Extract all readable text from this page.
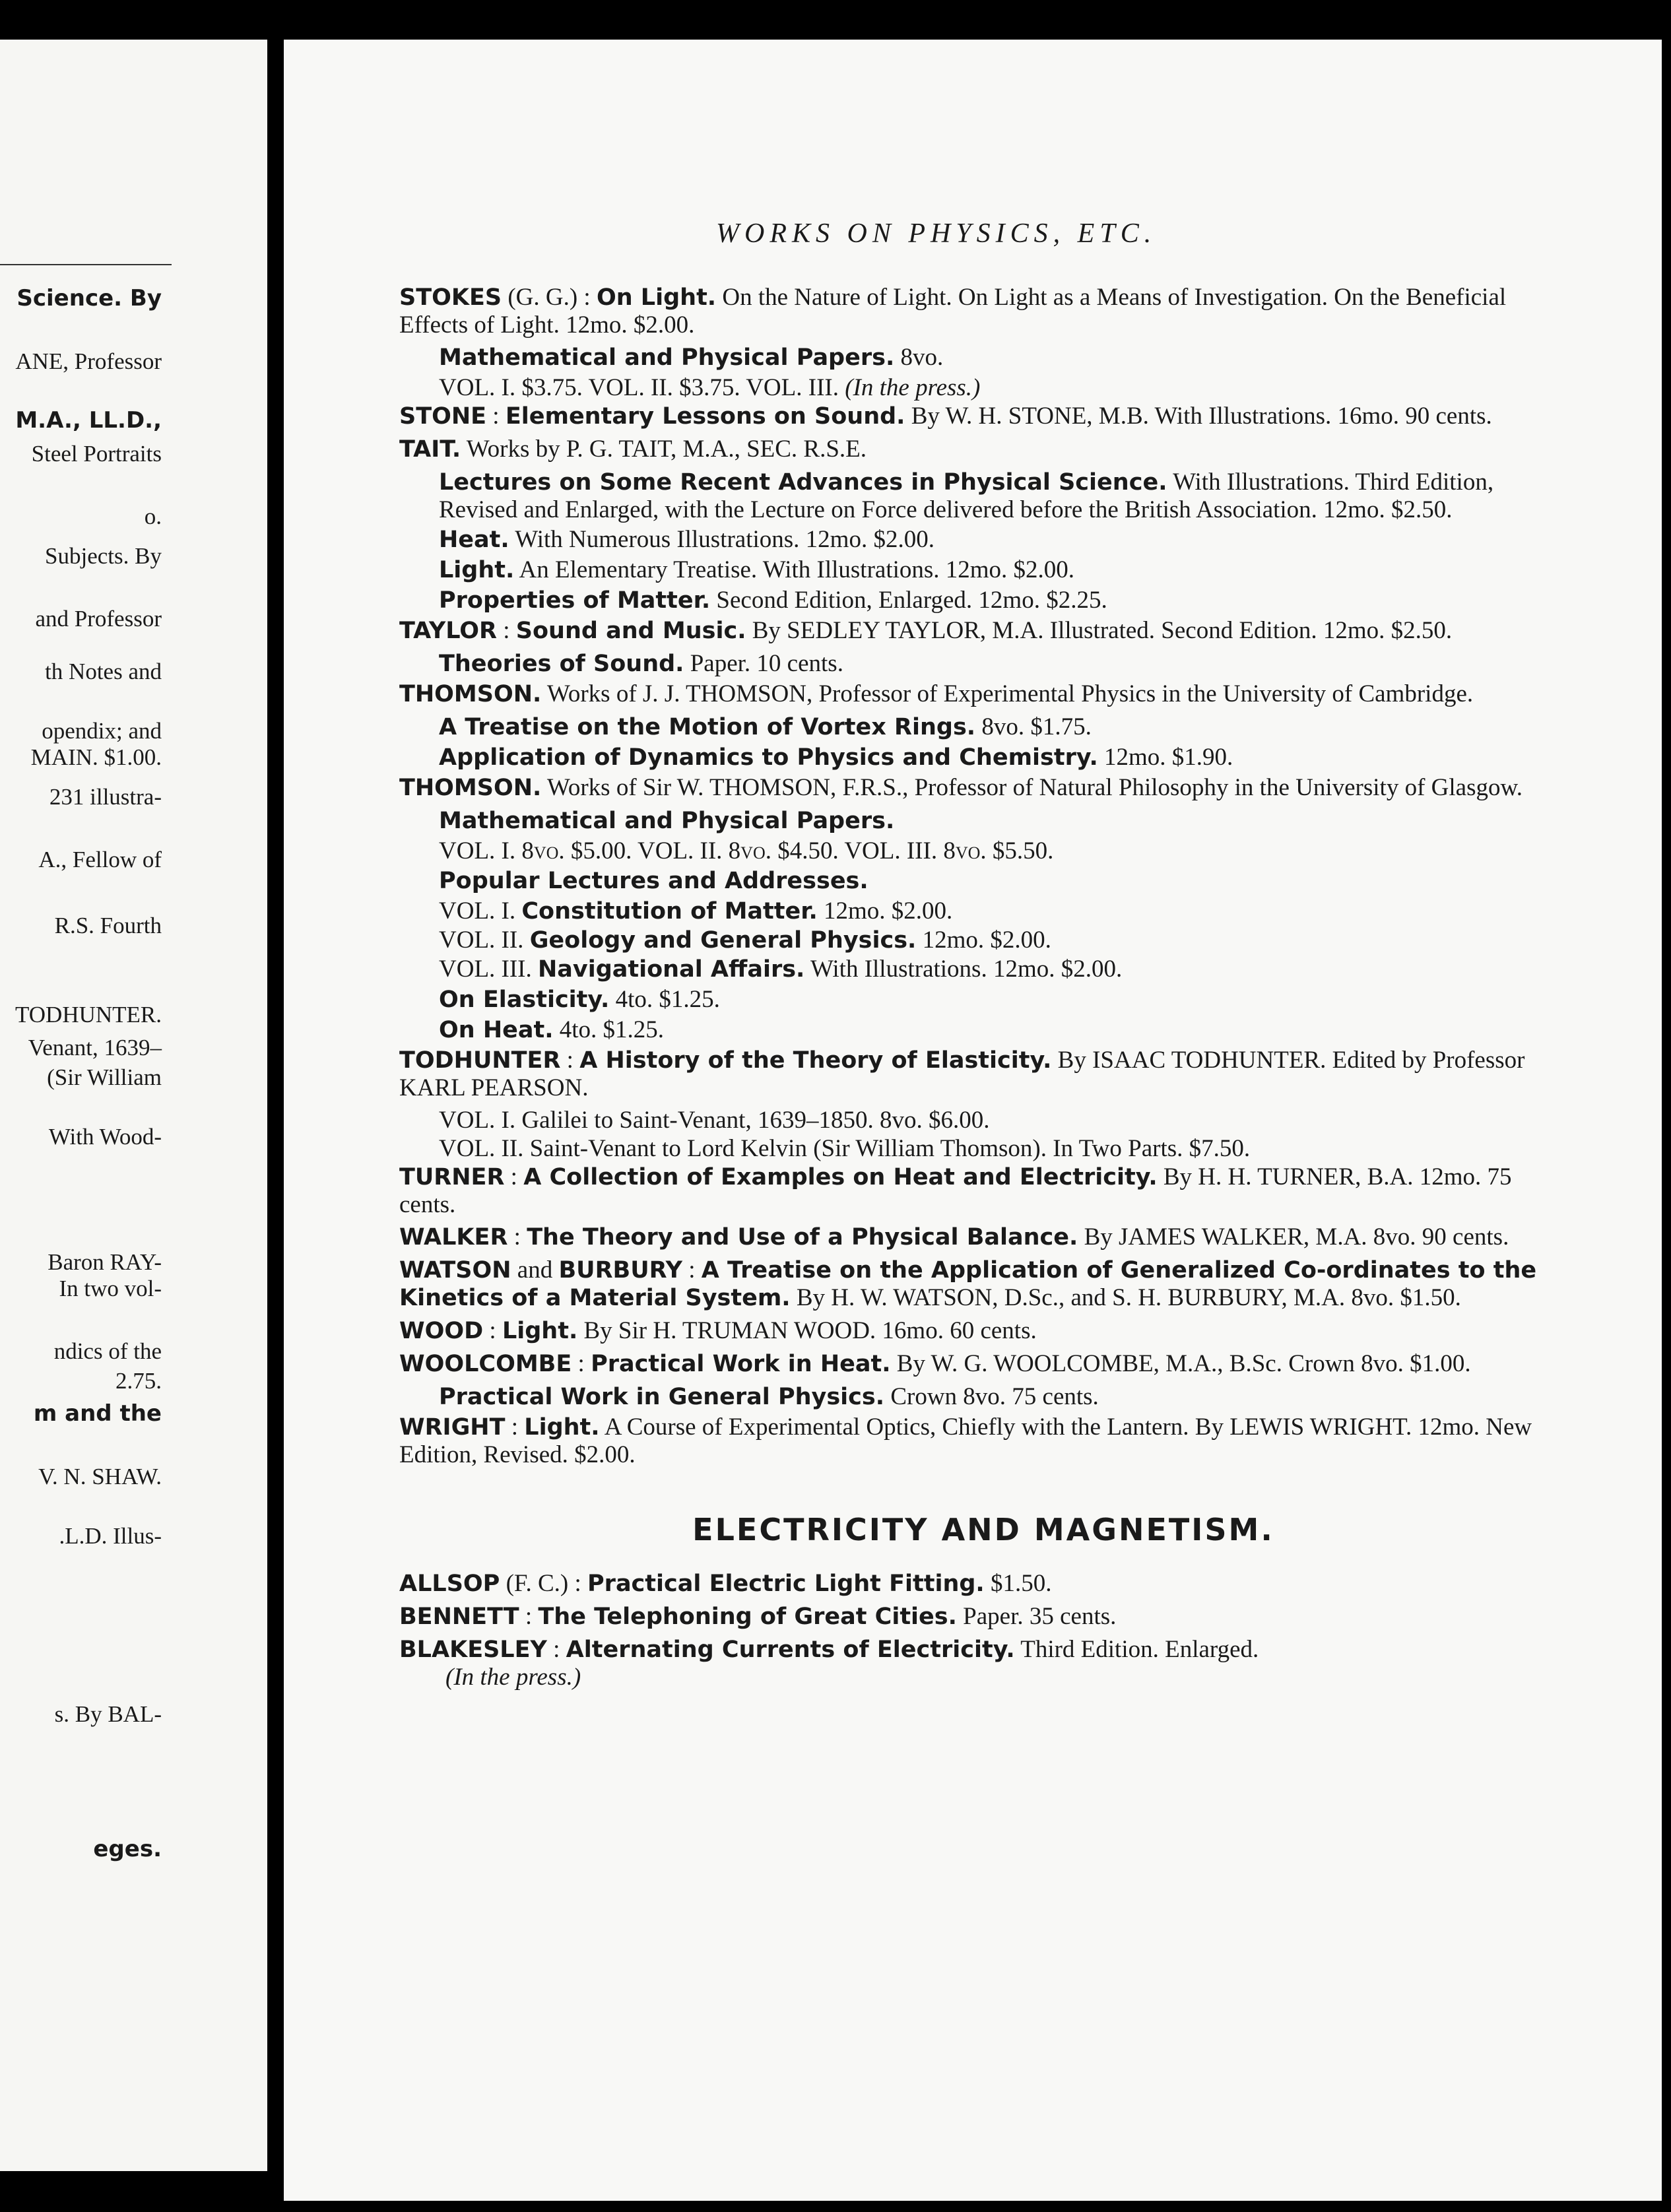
Science. By
ANE, Professor
M.A., LL.D.,
Steel Portraits
o.
Subjects. By
and Professor
th Notes and
opendix; and
MAIN. $1.00.
231 illustra-
A., Fellow of
R.S. Fourth
TODHUNTER.
Venant, 1639–
(Sir William
With Wood-
Baron RAY-
In two vol-
ndics of the
2.75.
m and the
V. N. SHAW.
.L.D. Illus-
s. By BAL-
eges.
WORKS ON PHYSICS, ETC.
STOKES (G. G.) : On Light. On the Nature of Light. On Light as a Means of Investigation. On the Beneficial Effects of Light. 12mo. $2.00.
Mathematical and Physical Papers. 8vo.
VOL. I. $3.75. VOL. II. $3.75. VOL. III. (In the press.)
STONE : Elementary Lessons on Sound. By W. H. STONE, M.B. With Illustrations. 16mo. 90 cents.
TAIT. Works by P. G. TAIT, M.A., SEC. R.S.E.
Lectures on Some Recent Advances in Physical Science. With Illustrations. Third Edition, Revised and Enlarged, with the Lecture on Force delivered before the British Association. 12mo. $2.50.
Heat. With Numerous Illustrations. 12mo. $2.00.
Light. An Elementary Treatise. With Illustrations. 12mo. $2.00.
Properties of Matter. Second Edition, Enlarged. 12mo. $2.25.
TAYLOR : Sound and Music. By SEDLEY TAYLOR, M.A. Illustrated. Second Edition. 12mo. $2.50.
Theories of Sound. Paper. 10 cents.
THOMSON. Works of J. J. THOMSON, Professor of Experimental Physics in the University of Cambridge.
A Treatise on the Motion of Vortex Rings. 8vo. $1.75.
Application of Dynamics to Physics and Chemistry. 12mo. $1.90.
THOMSON. Works of Sir W. THOMSON, F.R.S., Professor of Natural Philosophy in the University of Glasgow.
Mathematical and Physical Papers.
VOL. I. 8vo. $5.00. VOL. II. 8vo. $4.50. VOL. III. 8vo. $5.50.
Popular Lectures and Addresses.
VOL. I. Constitution of Matter. 12mo. $2.00.
VOL. II. Geology and General Physics. 12mo. $2.00.
VOL. III. Navigational Affairs. With Illustrations. 12mo. $2.00.
On Elasticity. 4to. $1.25.
On Heat. 4to. $1.25.
TODHUNTER : A History of the Theory of Elasticity. By ISAAC TODHUNTER. Edited by Professor KARL PEARSON.
VOL. I. Galilei to Saint-Venant, 1639–1850. 8vo. $6.00.
VOL. II. Saint-Venant to Lord Kelvin (Sir William Thomson). In Two Parts. $7.50.
TURNER : A Collection of Examples on Heat and Electricity. By H. H. TURNER, B.A. 12mo. 75 cents.
WALKER : The Theory and Use of a Physical Balance. By JAMES WALKER, M.A. 8vo. 90 cents.
WATSON and BURBURY : A Treatise on the Application of Generalized Co-ordinates to the Kinetics of a Material System. By H. W. WATSON, D.Sc., and S. H. BURBURY, M.A. 8vo. $1.50.
WOOD : Light. By Sir H. TRUMAN WOOD. 16mo. 60 cents.
WOOLCOMBE : Practical Work in Heat. By W. G. WOOLCOMBE, M.A., B.Sc. Crown 8vo. $1.00.
Practical Work in General Physics. Crown 8vo. 75 cents.
WRIGHT : Light. A Course of Experimental Optics, Chiefly with the Lantern. By LEWIS WRIGHT. 12mo. New Edition, Revised. $2.00.
ELECTRICITY AND MAGNETISM.
ALLSOP (F. C.) : Practical Electric Light Fitting. $1.50.
BENNETT : The Telephoning of Great Cities. Paper. 35 cents.
BLAKESLEY : Alternating Currents of Electricity. Third Edition. Enlarged.
(In the press.)
